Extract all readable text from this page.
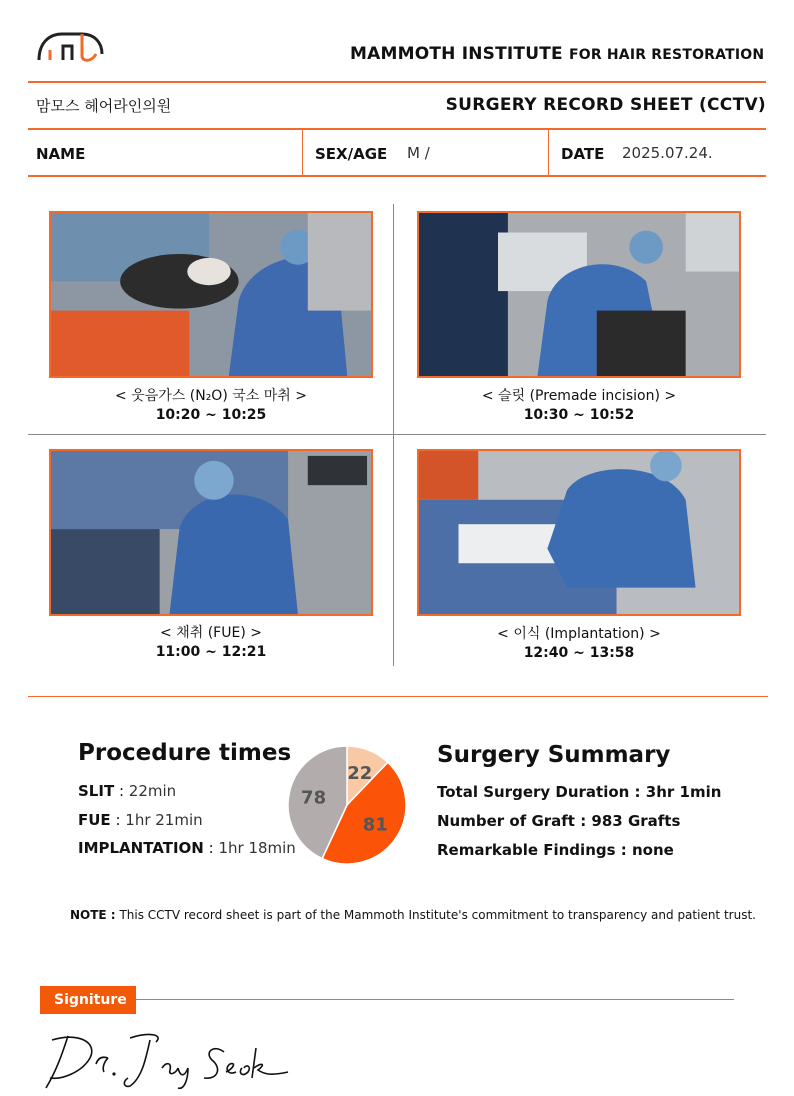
MAMMOTH INSTITUTE FOR HAIR RESTORATION
맘모스 헤어라인의원	SURGERY RECORD SHEET (CCTV)
NAME	SEX/AGE M /	DATE 2025.07.24.
< 웃음가스 (N₂O) 국소 마취 >
10:20 ~ 10:25
< 슬릿 (Premade incision) >
10:30 ~ 10:52
< 채취 (FUE) >
11:00 ~ 12:21
< 이식 (Implantation) >
12:40 ~ 13:58
Procedure times
SLIT : 22min
FUE : 1hr 21min
IMPLANTATION : 1hr 18min
22
81
78
Surgery Summary
Total Surgery Duration : 3hr 1min
Number of Graft : 983 Grafts
Remarkable Findings : none
NOTE : This CCTV record sheet is part of the Mammoth Institute's commitment to transparency and patient trust.
Signiture
